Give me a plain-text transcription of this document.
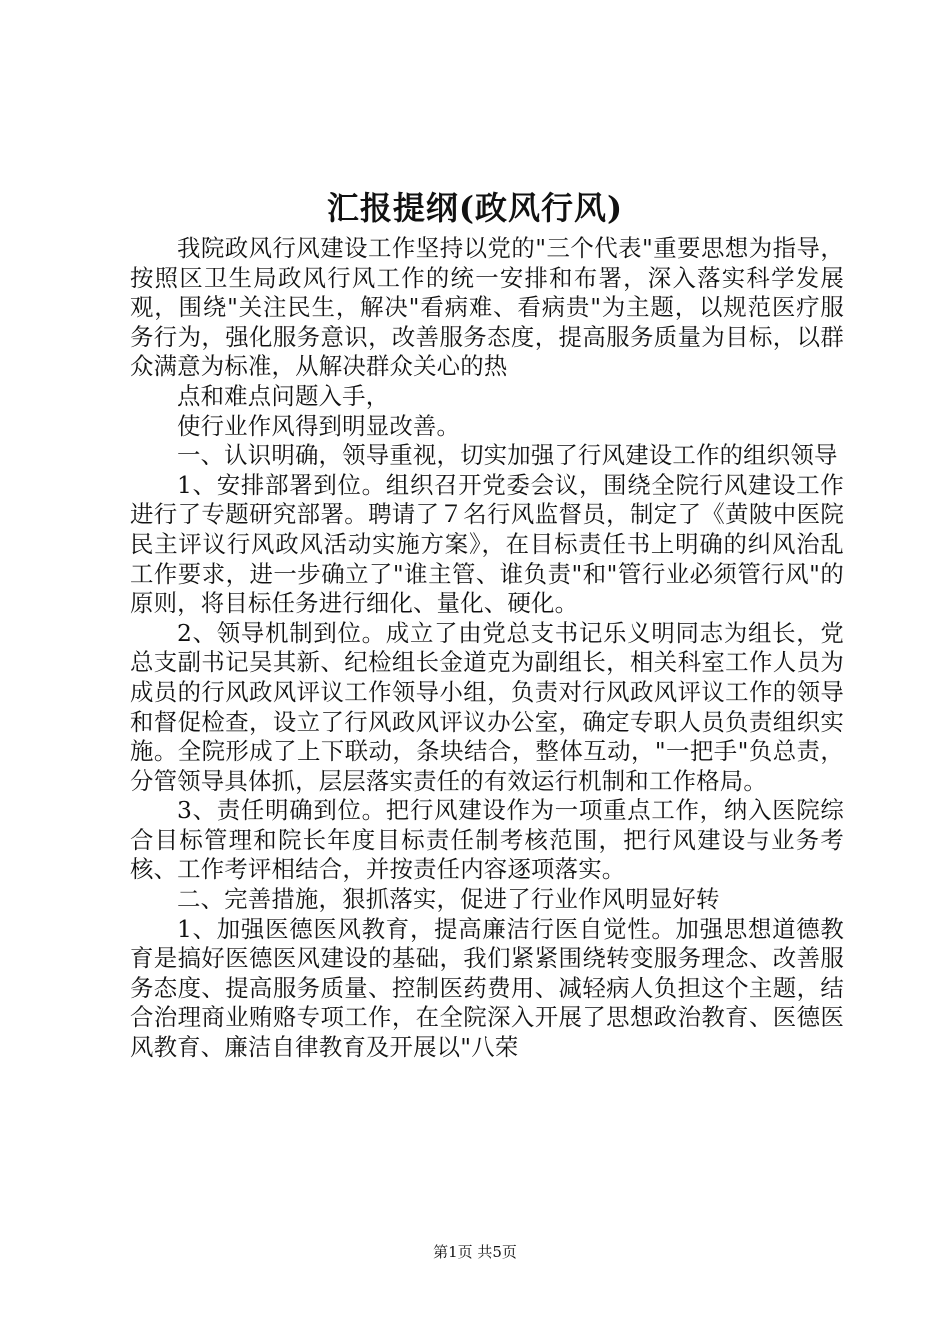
汇报提纲(政风行风)

我院政风行风建设工作坚持以党的"三个代表"重要思想为指导，按照区卫生局政风行风工作的统一安排和布署，深入落实科学发展观，围绕"关注民生，解决"看病难、看病贵"为主题，以规范医疗服务行为，强化服务意识，改善服务态度，提高服务质量为目标，以群众满意为标准，从解决群众关心的热

点和难点问题入手，

使行业作风得到明显改善。

一、认识明确，领导重视，切实加强了行风建设工作的组织领导

1、安排部署到位。组织召开党委会议，围绕全院行风建设工作进行了专题研究部署。聘请了７名行风监督员，制定了《黄陂中医院民主评议行风政风活动实施方案》，在目标责任书上明确的纠风治乱工作要求，进一步确立了"谁主管、谁负责"和"管行业必须管行风"的原则，将目标任务进行细化、量化、硬化。

2、领导机制到位。成立了由党总支书记乐义明同志为组长，党总支副书记吴其新、纪检组长金道克为副组长，相关科室工作人员为成员的行风政风评议工作领导小组，负责对行风政风评议工作的领导和督促检查，设立了行风政风评议办公室，确定专职人员负责组织实施。全院形成了上下联动，条块结合，整体互动，"一把手"负总责，分管领导具体抓，层层落实责任的有效运行机制和工作格局。

3、责任明确到位。把行风建设作为一项重点工作，纳入医院综合目标管理和院长年度目标责任制考核范围，把行风建设与业务考核、工作考评相结合，并按责任内容逐项落实。

二、完善措施，狠抓落实，促进了行业作风明显好转

1、加强医德医风教育，提高廉洁行医自觉性。加强思想道德教育是搞好医德医风建设的基础，我们紧紧围绕转变服务理念、改善服务态度、提高服务质量、控制医药费用、减轻病人负担这个主题，结合治理商业贿赂专项工作，在全院深入开展了思想政治教育、医德医风教育、廉洁自律教育及开展以"八荣

第1页 共5页
